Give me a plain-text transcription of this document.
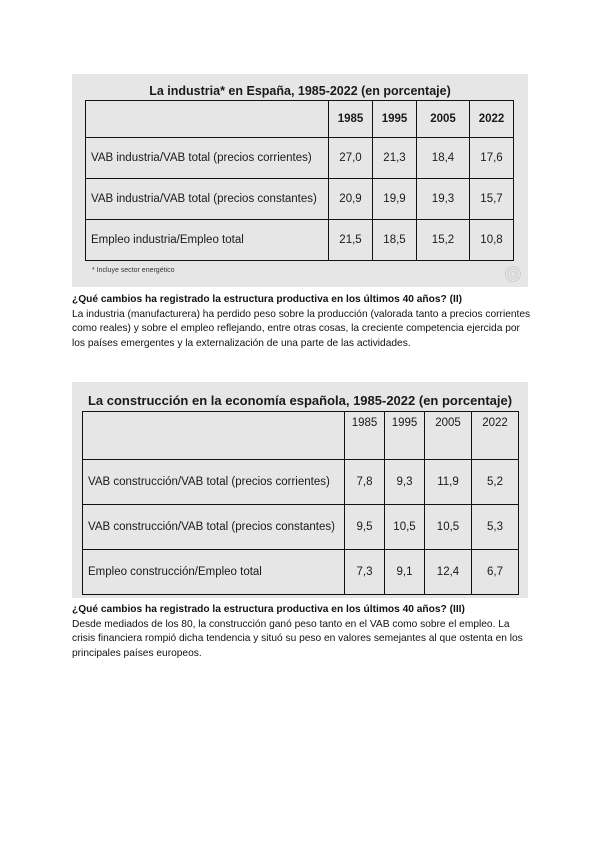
La industria* en España, 1985-2022 (en porcentaje)
	1985	1995	2005	2022
VAB industria/VAB total (precios corrientes)	27,0	21,3	18,4	17,6
VAB industria/VAB total (precios constantes)	20,9	19,9	19,3	15,7
Empleo industria/Empleo total	21,5	18,5	15,2	10,8
* Incluye sector energético
¿Qué cambios ha registrado la estructura productiva en los últimos 40 años? (II)
La industria (manufacturera) ha perdido peso sobre la producción (valorada tanto a precios corrientes como reales) y sobre el empleo reflejando, entre otras cosas, la creciente competencia ejercida por los países emergentes y la externalización de una parte de las actividades.
La construcción en la economía española, 1985-2022 (en porcentaje)
	1985	1995	2005	2022
VAB construcción/VAB total (precios corrientes)	7,8	9,3	11,9	5,2
VAB construcción/VAB total (precios constantes)	9,5	10,5	10,5	5,3
Empleo construcción/Empleo total	7,3	9,1	12,4	6,7
¿Qué cambios ha registrado la estructura productiva en los últimos 40 años? (III)
Desde mediados de los 80, la construcción ganó peso tanto en el VAB como sobre el empleo. La crisis financiera rompió dicha tendencia y situó su peso en valores semejantes al que ostenta en los principales países europeos.
